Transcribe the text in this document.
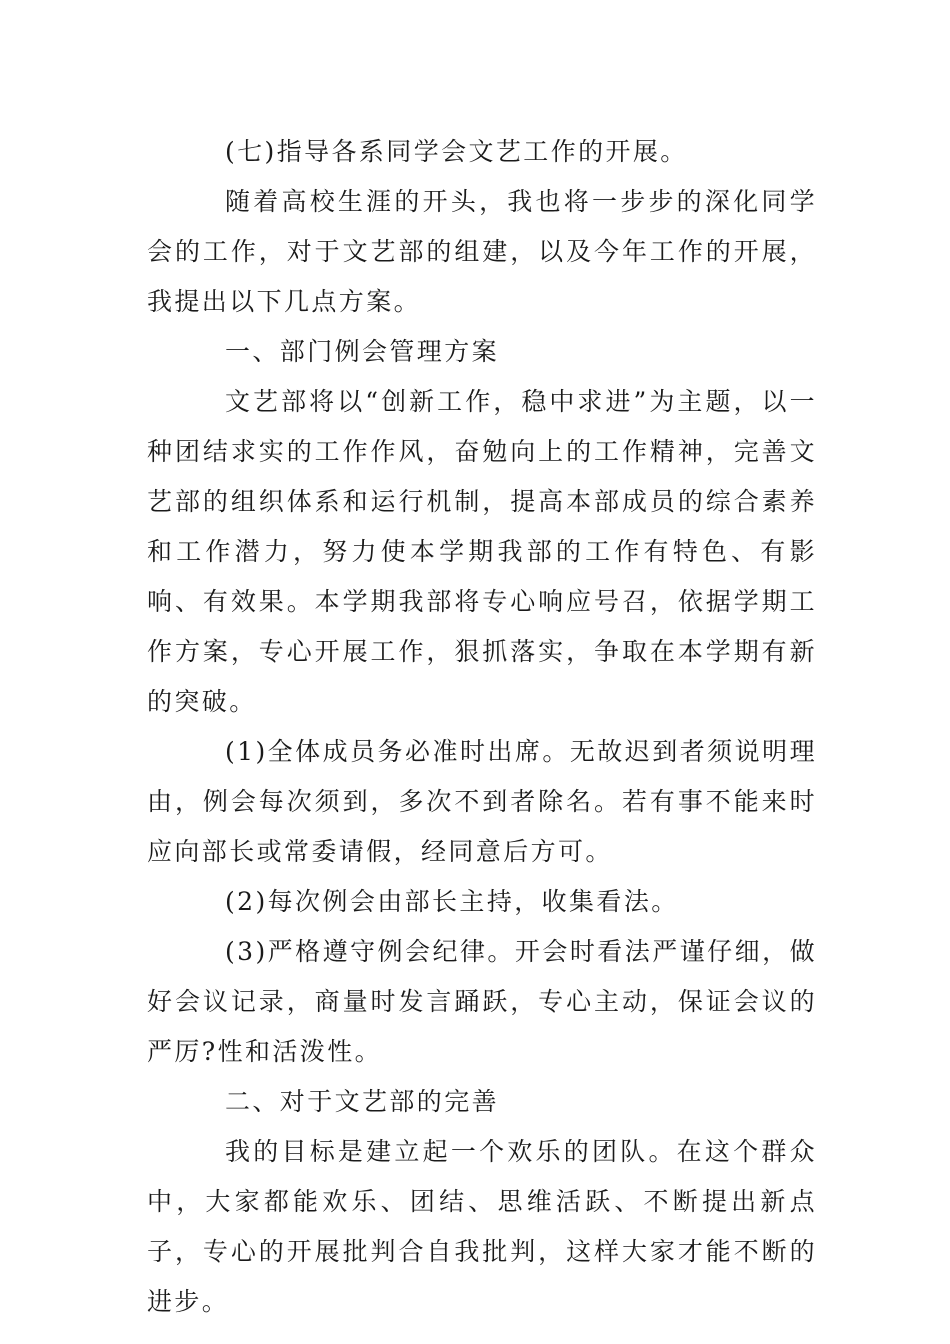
(七)指导各系同学会文艺工作的开展。

随着高校生涯的开头，我也将一步步的深化同学会的工作，对于文艺部的组建，以及今年工作的开展，我提出以下几点方案。

一、部门例会管理方案

文艺部将以“创新工作，稳中求进”为主题，以一种团结求实的工作作风，奋勉向上的工作精神，完善文艺部的组织体系和运行机制，提高本部成员的综合素养和工作潜力，努力使本学期我部的工作有特色、有影响、有效果。本学期我部将专心响应号召，依据学期工作方案，专心开展工作，狠抓落实，争取在本学期有新的突破。

(1)全体成员务必准时出席。无故迟到者须说明理由，例会每次须到，多次不到者除名。若有事不能来时应向部长或常委请假，经同意后方可。

(2)每次例会由部长主持，收集看法。

(3)严格遵守例会纪律。开会时看法严谨仔细，做好会议记录，商量时发言踊跃，专心主动，保证会议的严厉?性和活泼性。

二、对于文艺部的完善

我的目标是建立起一个欢乐的团队。在这个群众中，大家都能欢乐、团结、思维活跃、不断提出新点子，专心的开展批判合自我批判，这样大家才能不断的进步。
